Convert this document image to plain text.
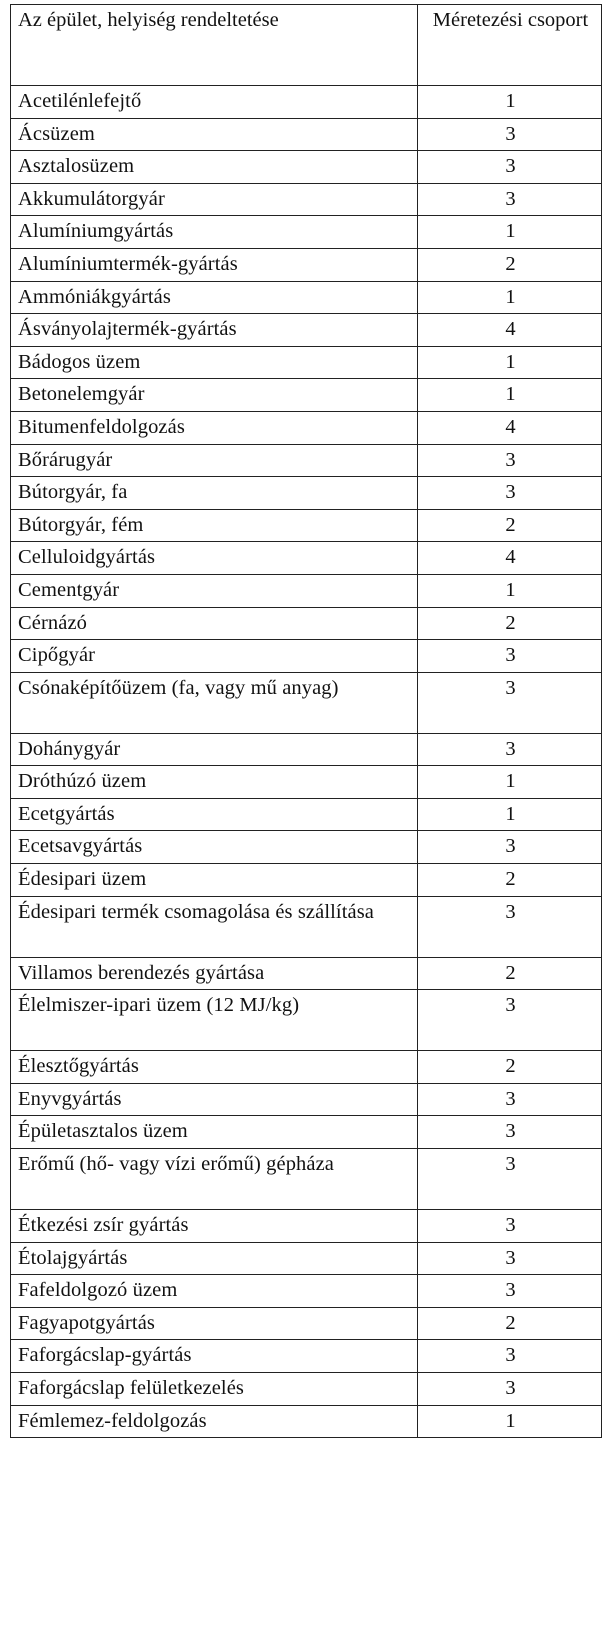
Az épület, helyiség rendeltetése	Méretezési csoport
Acetilénlefejtő	1
Ácsüzem	3
Asztalosüzem	3
Akkumulátorgyár	3
Alumíniumgyártás	1
Alumíniumtermék-gyártás	2
Ammóniákgyártás	1
Ásványolajtermék-gyártás	4
Bádogos üzem	1
Betonelemgyár	1
Bitumenfeldolgozás	4
Bőrárugyár	3
Bútorgyár, fa	3
Bútorgyár, fém	2
Celluloidgyártás	4
Cementgyár	1
Cérnázó	2
Cipőgyár	3
Csónaképítőüzem (fa, vagy mű anyag)	3
Dohánygyár	3
Dróthúzó üzem	1
Ecetgyártás	1
Ecetsavgyártás	3
Édesipari üzem	2
Édesipari termék csomagolása és szállítása	3
Villamos berendezés gyártása	2
Élelmiszer-ipari üzem (12 MJ/kg)	3
Élesztőgyártás	2
Enyvgyártás	3
Épületasztalos üzem	3
Erőmű (hő- vagy vízi erőmű) gépháza	3
Étkezési zsír gyártás	3
Étolajgyártás	3
Fafeldolgozó üzem	3
Fagyapotgyártás	2
Faforgácslap-gyártás	3
Faforgácslap felületkezelés	3
Fémlemez-feldolgozás	1
